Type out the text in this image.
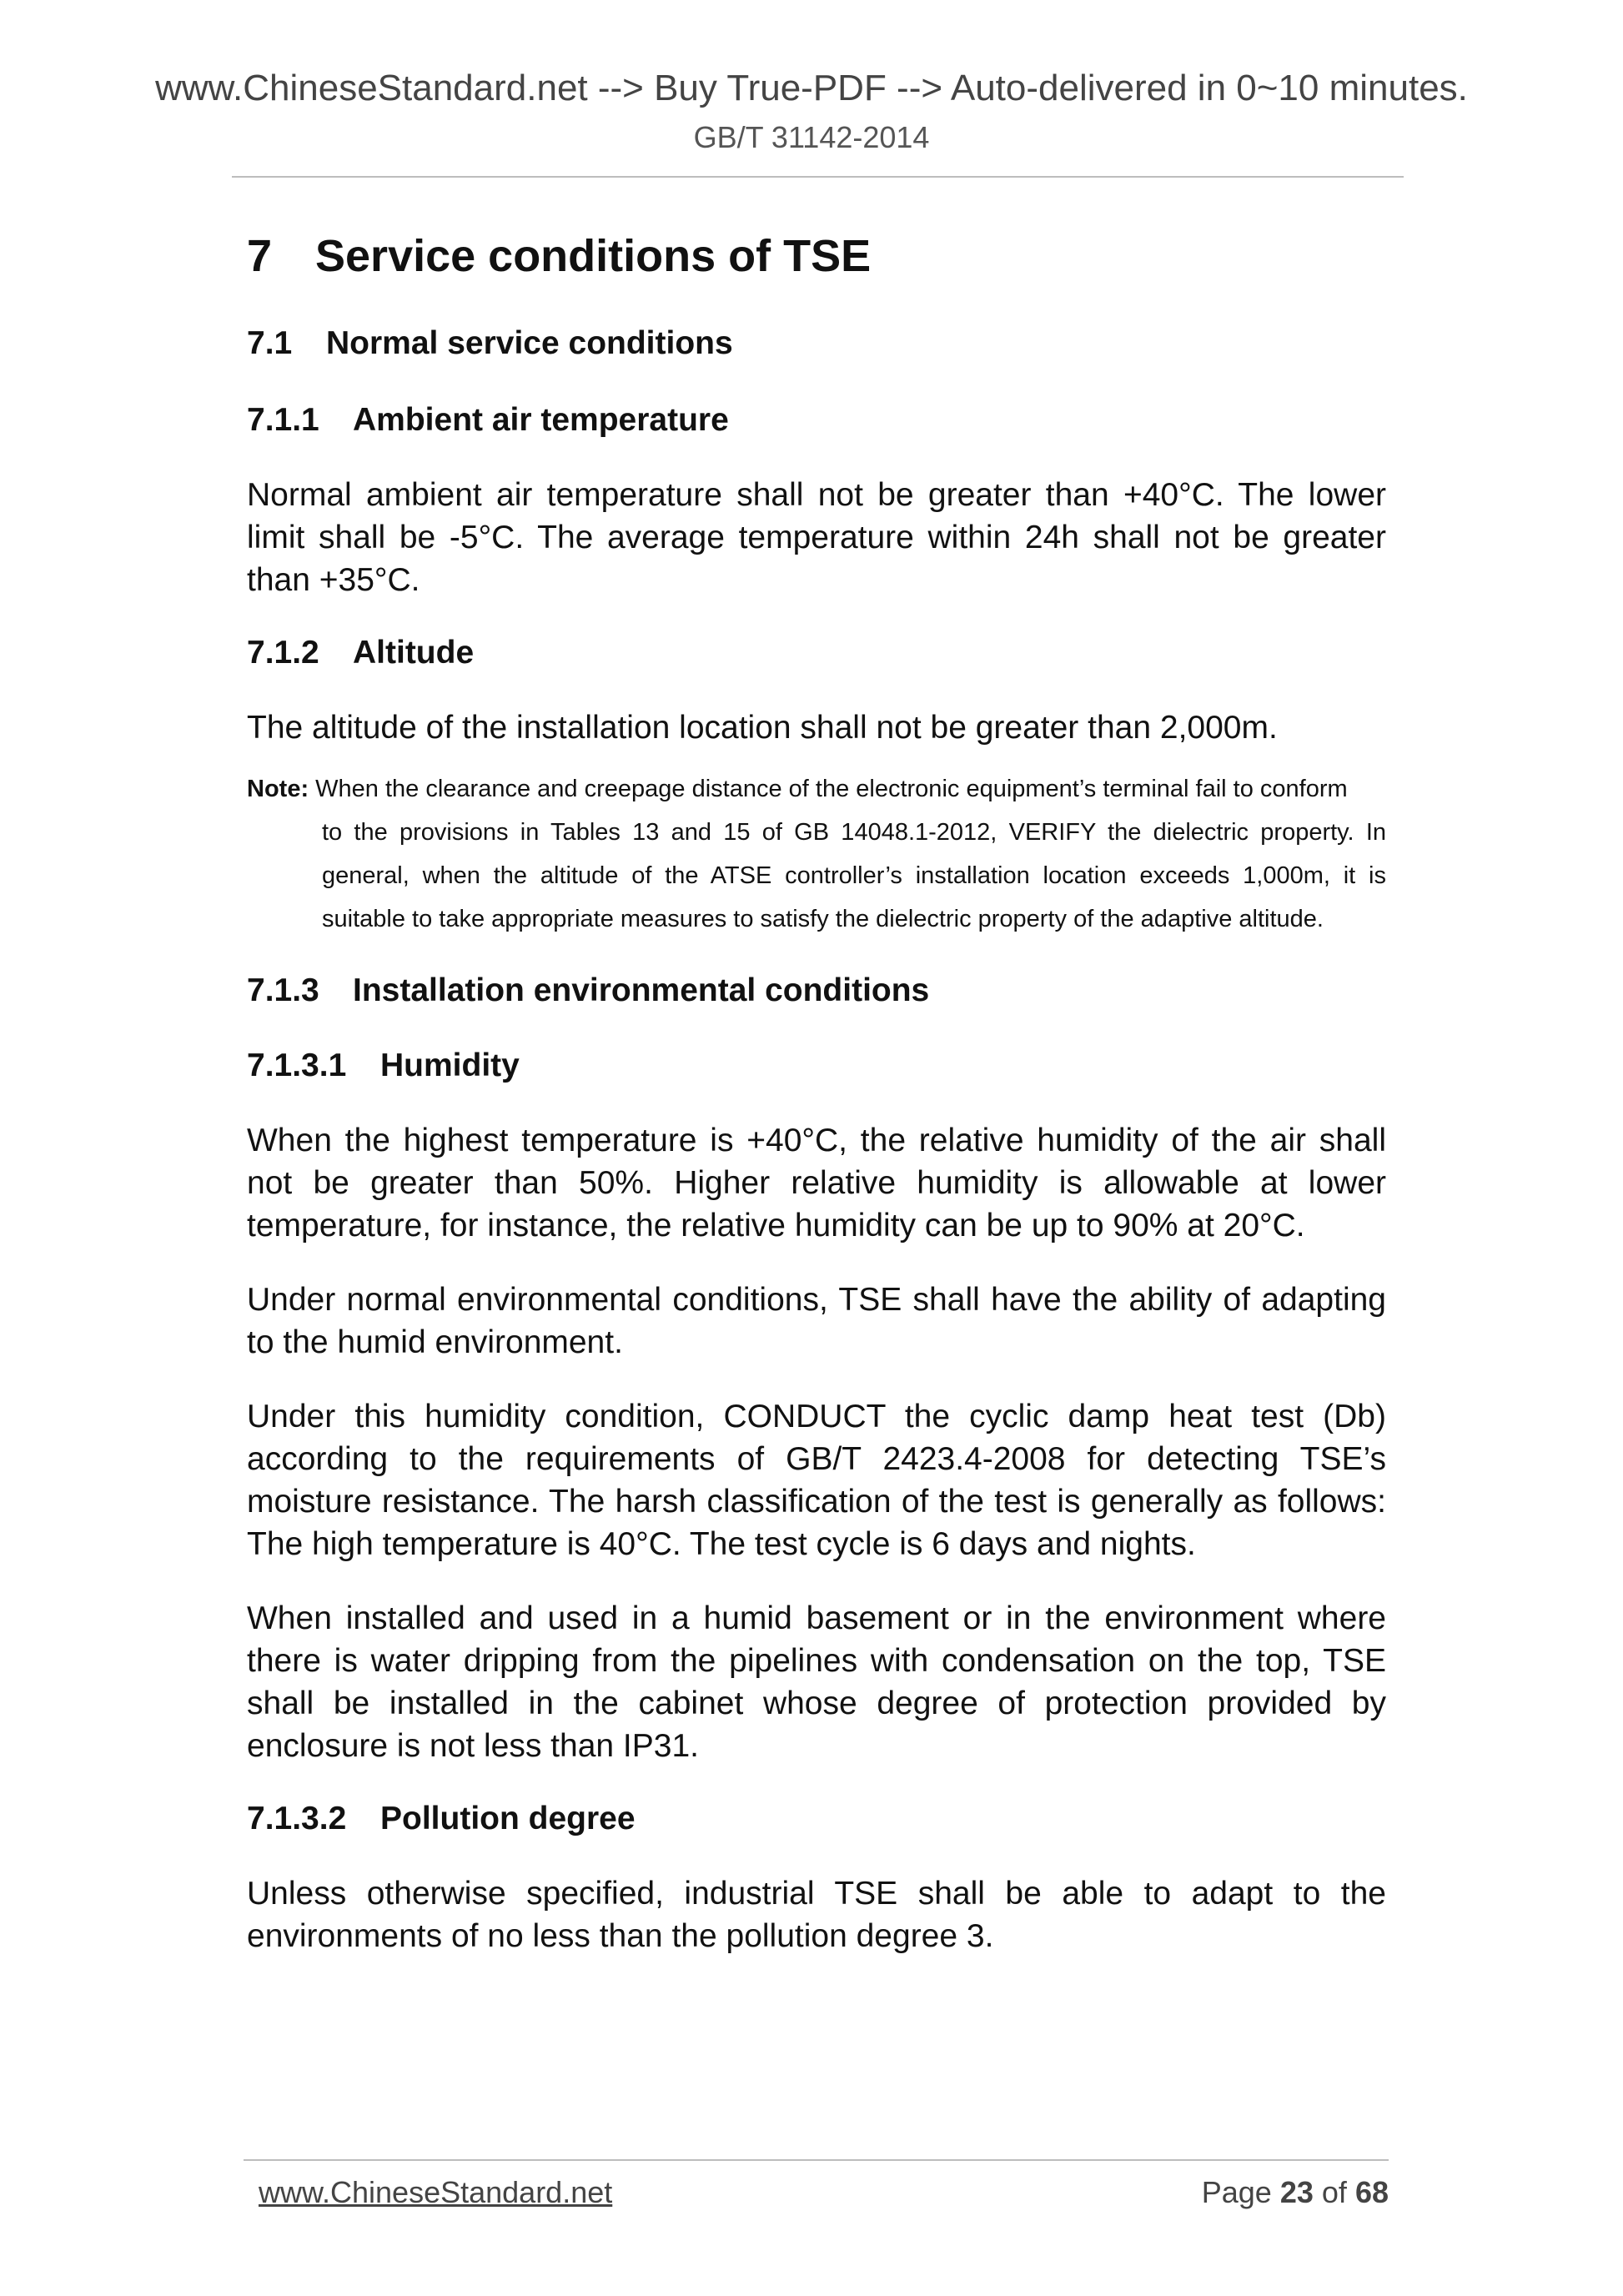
www.ChineseStandard.net --> Buy True-PDF --> Auto-delivered in 0~10 minutes.
GB/T 31142-2014
7 Service conditions of TSE
7.1 Normal service conditions
7.1.1 Ambient air temperature

Normal ambient air temperature shall not be greater than +40°C. The lower limit shall be -5°C. The average temperature within 24h shall not be greater than +35°C.

7.1.2 Altitude

The altitude of the installation location shall not be greater than 2,000m.

Note: When the clearance and creepage distance of the electronic equipment’s terminal fail to conform
to the provisions in Tables 13 and 15 of GB 14048.1-2012, VERIFY the dielectric property. In general, when the altitude of the ATSE controller’s installation location exceeds 1,000m, it is suitable to take appropriate measures to satisfy the dielectric property of the adaptive altitude.
7.1.3 Installation environmental conditions
7.1.3.1 Humidity

When the highest temperature is +40°C, the relative humidity of the air shall not be greater than 50%. Higher relative humidity is allowable at lower temperature, for instance, the relative humidity can be up to 90% at 20°C.

Under normal environmental conditions, TSE shall have the ability of adapting to the humid environment.

Under this humidity condition, CONDUCT the cyclic damp heat test (Db) according to the requirements of GB/T 2423.4-2008 for detecting TSE’s moisture resistance. The harsh classification of the test is generally as follows: The high temperature is 40°C. The test cycle is 6 days and nights.

When installed and used in a humid basement or in the environment where there is water dripping from the pipelines with condensation on the top, TSE shall be installed in the cabinet whose degree of protection provided by enclosure is not less than IP31.

7.1.3.2 Pollution degree

Unless otherwise specified, industrial TSE shall be able to adapt to the environments of no less than the pollution degree 3.

www.ChineseStandard.net	Page 23 of 68
